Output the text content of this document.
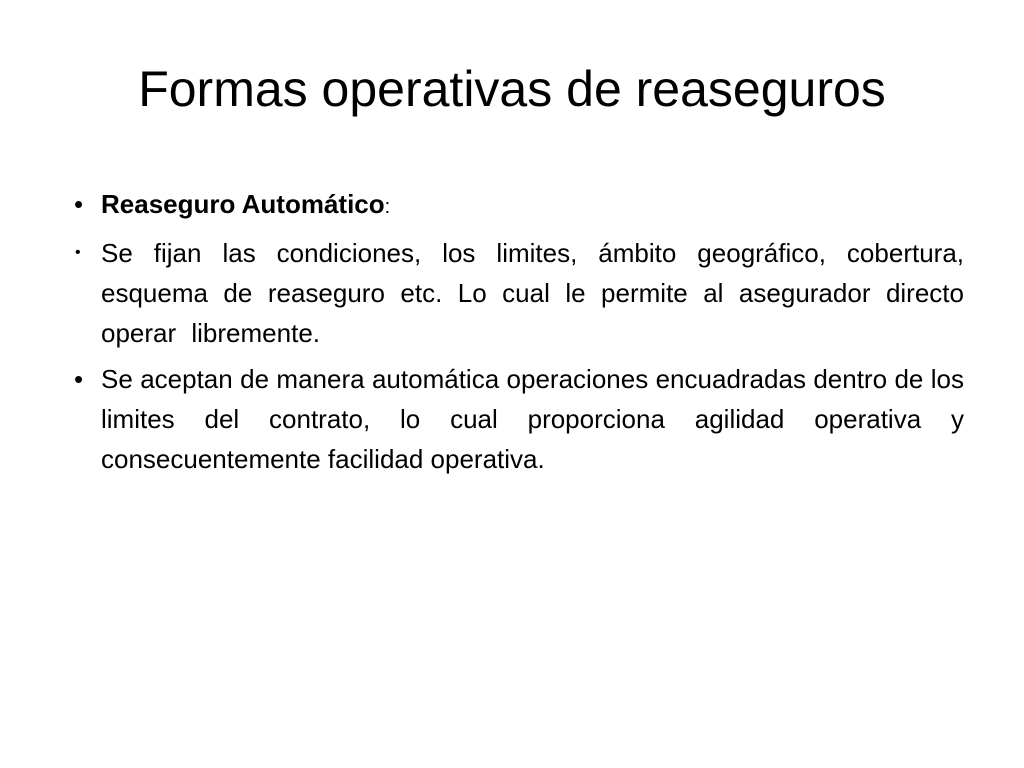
Formas operativas de reaseguros
• Reaseguro Automático:
• Se fijan las condiciones, los limites, ámbito geográfico, cobertura, esquema de reaseguro etc. Lo cual le permite al asegurador directo operar libremente.
• Se aceptan de manera automática operaciones encuadradas dentro de los limites del contrato, lo cual proporciona agilidad operativa y consecuentemente facilidad operativa.
